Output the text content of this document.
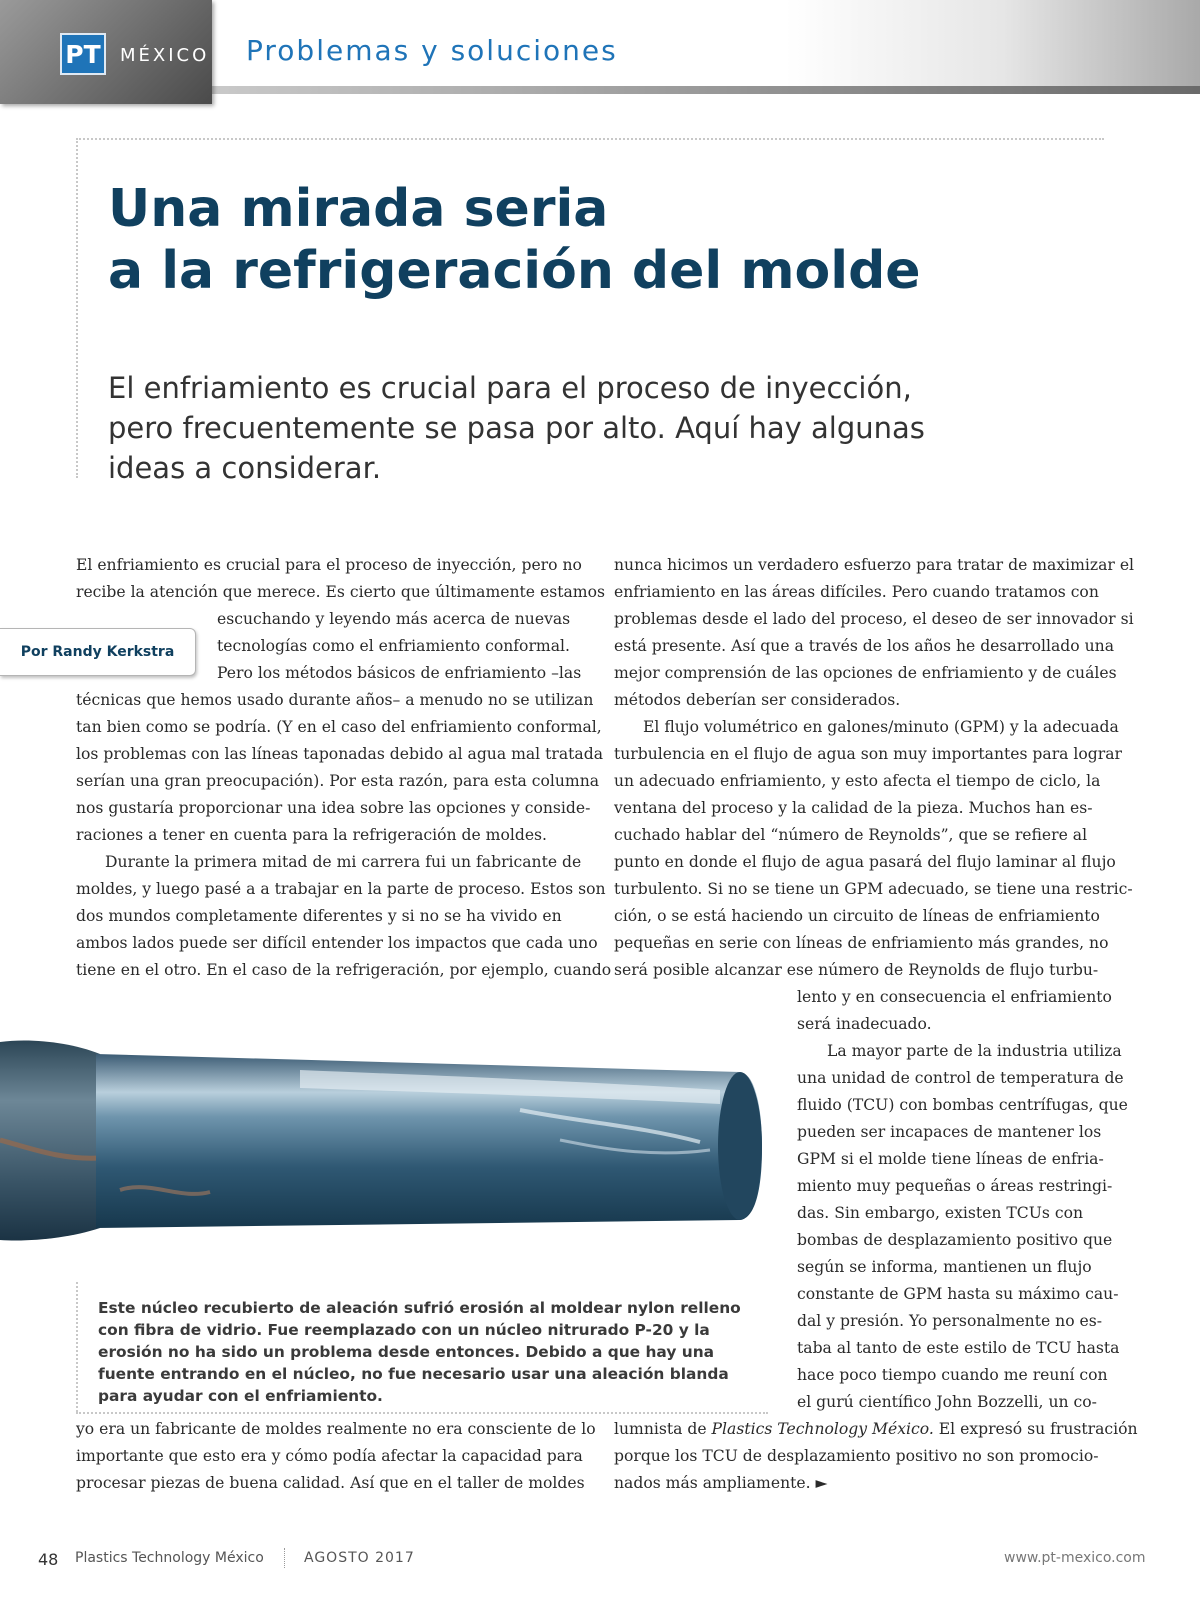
PT MÉXICO Problemas y soluciones
Una mirada seria
a la refrigeración del molde

El enfriamiento es crucial para el proceso de inyección, pero frecuentemente se pasa por alto. Aquí hay algunas ideas a considerar.

Por Randy Kerkstra
El enfriamiento es crucial para el proceso de inyección, pero no
recibe la atención que merece. Es cierto que últimamente estamos
escuchando y leyendo más acerca de nuevas
tecnologías como el enfriamiento conformal.
Pero los métodos básicos de enfriamiento –las
técnicas que hemos usado durante años– a menudo no se utilizan
tan bien como se podría. (Y en el caso del enfriamiento conformal,
los problemas con las líneas taponadas debido al agua mal tratada
serían una gran preocupación). Por esta razón, para esta columna
nos gustaría proporcionar una idea sobre las opciones y conside-
raciones a tener en cuenta para la refrigeración de moldes.
Durante la primera mitad de mi carrera fui un fabricante de
moldes, y luego pasé a a trabajar en la parte de proceso. Estos son
dos mundos completamente diferentes y si no se ha vivido en
ambos lados puede ser difícil entender los impactos que cada uno
tiene en el otro. En el caso de la refrigeración, por ejemplo, cuando
yo era un fabricante de moldes realmente no era consciente de lo
importante que esto era y cómo podía afectar la capacidad para
procesar piezas de buena calidad. Así que en el taller de moldes
nunca hicimos un verdadero esfuerzo para tratar de maximizar el
enfriamiento en las áreas difíciles. Pero cuando tratamos con
problemas desde el lado del proceso, el deseo de ser innovador si
está presente. Así que a través de los años he desarrollado una
mejor comprensión de las opciones de enfriamiento y de cuáles
métodos deberían ser considerados.
El flujo volumétrico en galones/minuto (GPM) y la adecuada
turbulencia en el flujo de agua son muy importantes para lograr
un adecuado enfriamiento, y esto afecta el tiempo de ciclo, la
ventana del proceso y la calidad de la pieza. Muchos han es-
cuchado hablar del “número de Reynolds”, que se refiere al
punto en donde el flujo de agua pasará del flujo laminar al flujo
turbulento. Si no se tiene un GPM adecuado, se tiene una restric-
ción, o se está haciendo un circuito de líneas de enfriamiento
pequeñas en serie con líneas de enfriamiento más grandes, no
será posible alcanzar ese número de Reynolds de flujo turbu-
lento y en consecuencia el enfriamiento
será inadecuado.
La mayor parte de la industria utiliza
una unidad de control de temperatura de
fluido (TCU) con bombas centrífugas, que
pueden ser incapaces de mantener los
GPM si el molde tiene líneas de enfria-
miento muy pequeñas o áreas restringi-
das. Sin embargo, existen TCUs con
bombas de desplazamiento positivo que
según se informa, mantienen un flujo
constante de GPM hasta su máximo cau-
dal y presión. Yo personalmente no es-
taba al tanto de este estilo de TCU hasta
hace poco tiempo cuando me reuní con
el gurú científico John Bozzelli, un co-
lumnista de Plastics Technology México. El expresó su frustración
porque los TCU de desplazamiento positivo no son promocio-
nados más ampliamente. ►

Este núcleo recubierto de aleación sufrió erosión al moldear nylon relleno con fibra de vidrio. Fue reemplazado con un núcleo nitrurado P-20 y la erosión no ha sido un problema desde entonces. Debido a que hay una fuente entrando en el núcleo, no fue necesario usar una aleación blanda para ayudar con el enfriamiento.

48 Plastics Technology México	AGOSTO 2017	www.pt-mexico.com
